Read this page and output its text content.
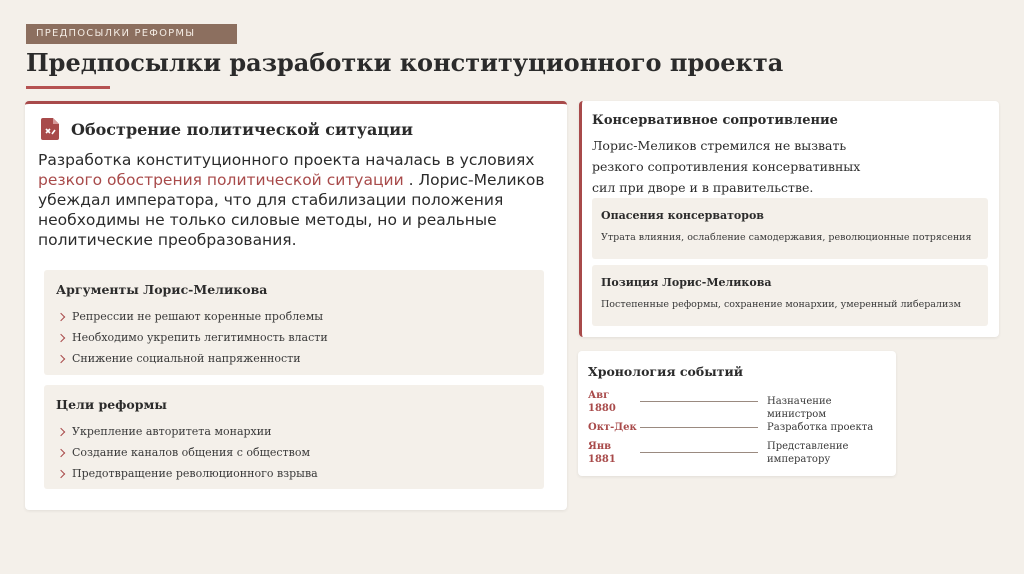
ПРЕДПОСЫЛКИ РЕФОРМЫ
Предпосылки разработки конституционного проекта
Обострение политической ситуации
Разработка конституционного проекта началась в условиях резкого обострения политической ситуации . Лорис-Меликов убеждал императора, что для стабилизации положения необходимы не только силовые методы, но и реальные политические преобразования.
Аргументы Лорис-Меликова
Репрессии не решают коренные проблемы
Необходимо укрепить легитимность власти
Снижение социальной напряженности
Цели реформы
Укрепление авторитета монархии
Создание каналов общения с обществом
Предотвращение революционного взрыва
Консервативное сопротивление
Лорис-Меликов стремился не вызвать резкого сопротивления консервативных сил при дворе и в правительстве.
Опасения консерваторов
Утрата влияния, ослабление самодержавия, революционные потрясения
Позиция Лорис-Меликова
Постепенные реформы, сохранение монархии, умеренный либерализм
Хронология событий
Авг 1880
Назначение министром
Окт-Дек	Разработка проекта
Янв 1881
Представление императору
